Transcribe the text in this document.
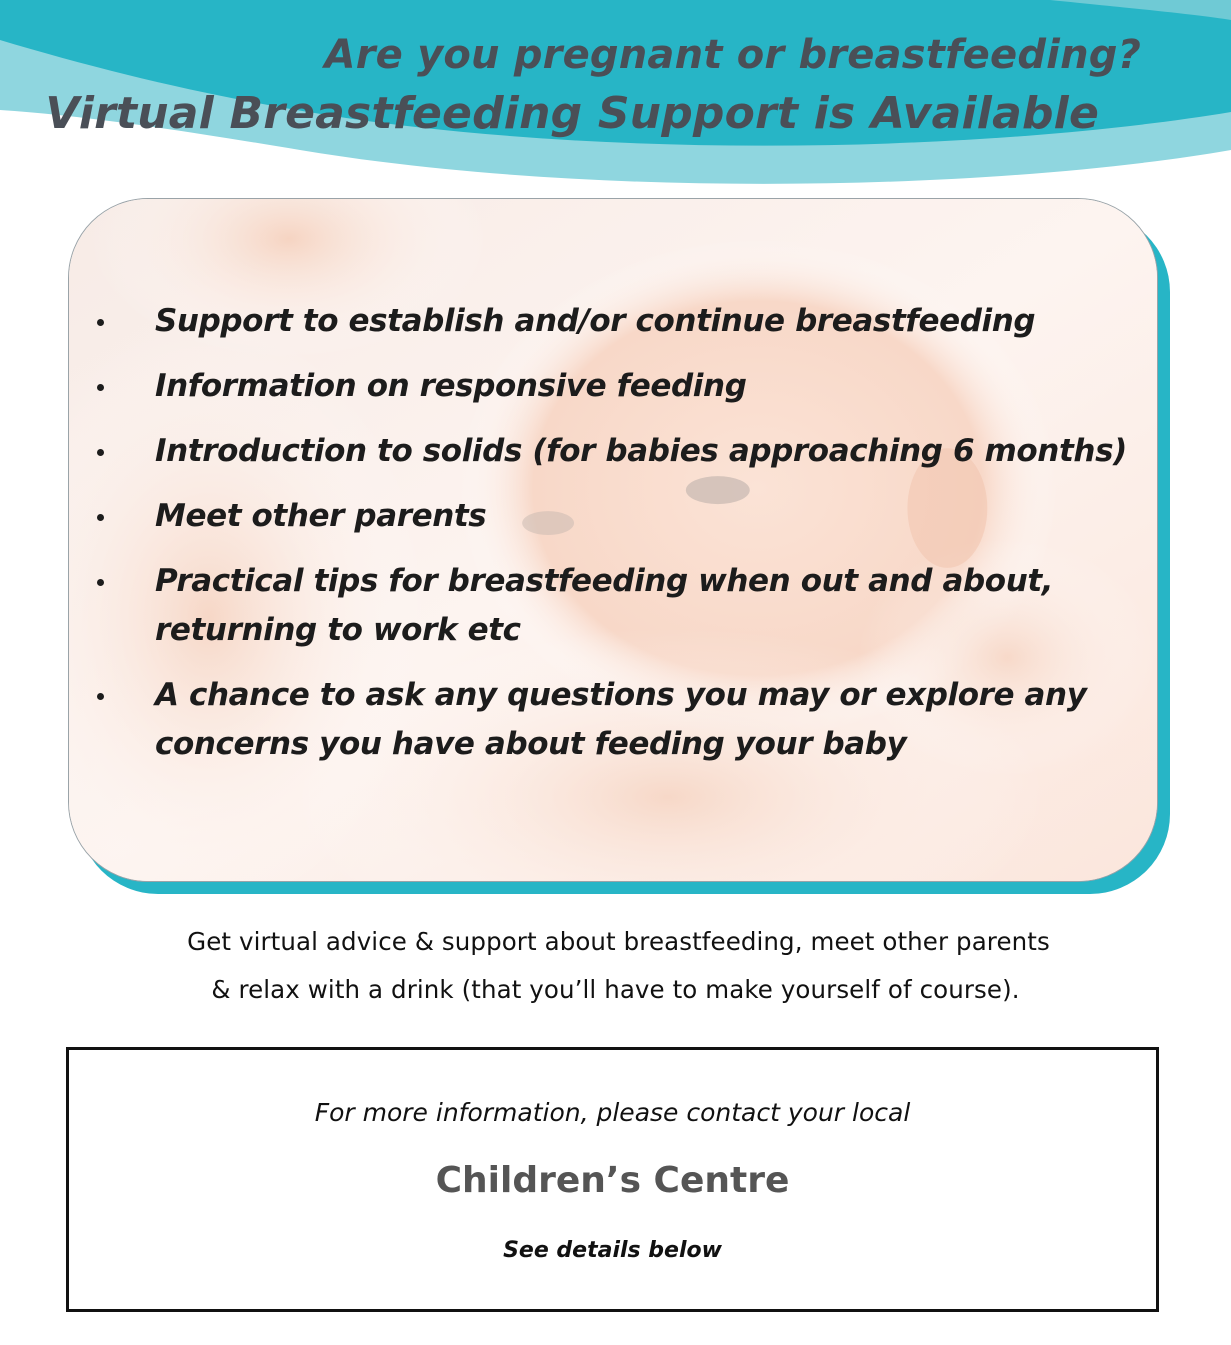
Are you pregnant or breastfeeding?
Virtual Breastfeeding Support is Available
Support to establish and/or continue breastfeeding
Information on responsive feeding
Introduction to solids (for babies approaching 6 months)
Meet other parents
Practical tips for breastfeeding when out and about,
returning to work etc
A chance to ask any questions you may or explore any
concerns you have about feeding your baby
Get virtual advice & support about breastfeeding, meet other parents
& relax with a drink (that you’ll have to make yourself of course).
For more information, please contact your local
Children’s Centre
See details below
